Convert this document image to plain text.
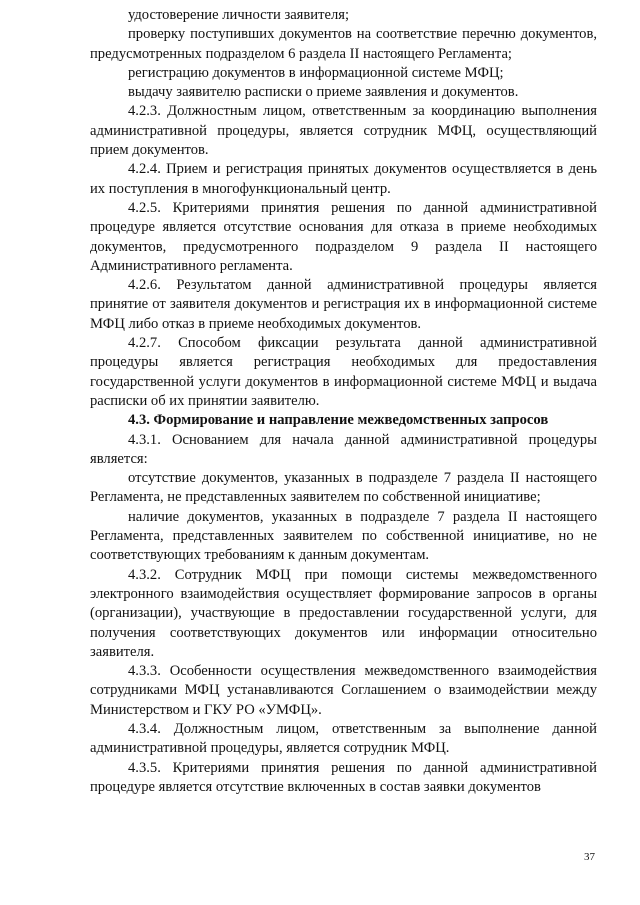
удостоверение личности заявителя;

проверку поступивших документов на соответствие перечню документов, предусмотренных подразделом 6 раздела II настоящего Регламента;

регистрацию документов в информационной системе МФЦ;

выдачу заявителю расписки о приеме заявления и документов.

4.2.3. Должностным лицом, ответственным за координацию выполнения административной процедуры, является сотрудник МФЦ, осуществляющий прием документов.

4.2.4. Прием и регистрация принятых документов осуществляется в день их поступления в многофункциональный центр.

4.2.5. Критериями принятия решения по данной административной процедуре является отсутствие основания для отказа в приеме необходимых документов, предусмотренного подразделом 9 раздела II настоящего Административного регламента.

4.2.6. Результатом данной административной процедуры является принятие от заявителя документов и регистрация их в информационной системе МФЦ либо отказ в приеме необходимых документов.

4.2.7. Способом фиксации результата данной административной процедуры является регистрация необходимых для предоставления государственной услуги документов в информационной системе МФЦ и выдача расписки об их принятии заявителю.

4.3. Формирование и направление межведомственных запросов

4.3.1. Основанием для начала данной административной процедуры является:

отсутствие документов, указанных в подразделе 7 раздела II настоящего Регламента, не представленных заявителем по собственной инициативе;

наличие документов, указанных в подразделе 7 раздела II настоящего Регламента, представленных заявителем по собственной инициативе, но не соответствующих требованиям к данным документам.

4.3.2. Сотрудник МФЦ при помощи системы межведомственного электронного взаимодействия осуществляет формирование запросов в органы (организации), участвующие в предоставлении государственной услуги, для получения соответствующих документов или информации относительно заявителя.

4.3.3. Особенности осуществления межведомственного взаимодействия сотрудниками МФЦ устанавливаются Соглашением о взаимодействии между Министерством и ГКУ РО «УМФЦ».

4.3.4. Должностным лицом, ответственным за выполнение данной административной процедуры, является сотрудник МФЦ.

4.3.5. Критериями принятия решения по данной административной процедуре является отсутствие включенных в состав заявки документов

37
